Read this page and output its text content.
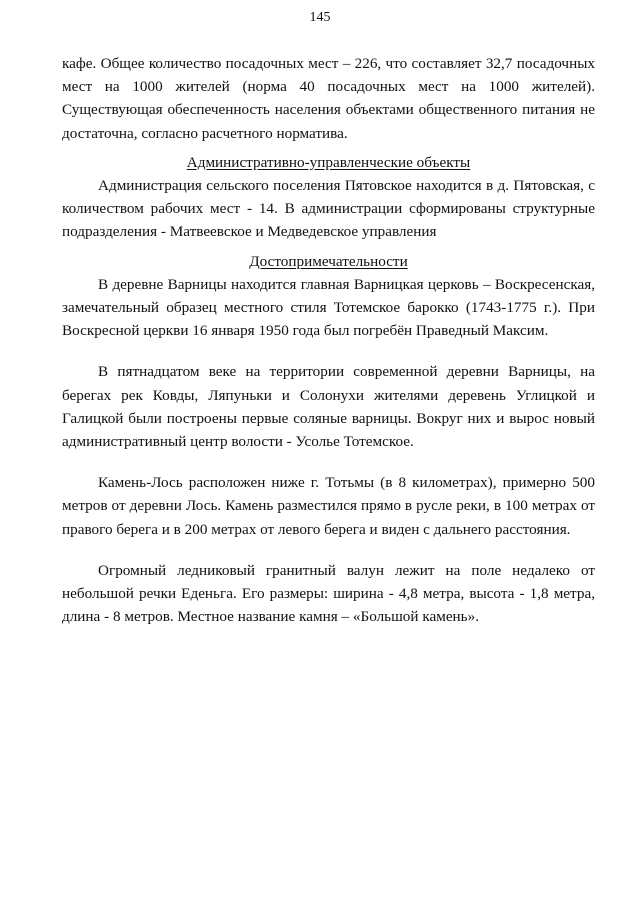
145

кафе. Общее количество посадочных мест – 226, что составляет 32,7 посадочных мест на 1000 жителей (норма 40 посадочных мест на 1000 жителей). Существующая обеспеченность населения объектами общественного питания не достаточна, согласно расчетного норматива.

Административно-управленческие объекты

Администрация сельского поселения Пятовское находится в д. Пятовская, с количеством рабочих мест - 14. В администрации сформированы структурные подразделения - Матвеевское и Медведевское управления

Достопримечательности

В деревне Варницы находится главная Варницкая церковь – Воскресенская, замечательный образец местного стиля Тотемское барокко (1743-1775 г.). При Воскресной церкви 16 января 1950 года был погребён Праведный Максим.

В пятнадцатом веке на территории современной деревни Варницы, на берегах рек Ковды, Ляпуньки и Солонухи жителями деревень Углицкой и Галицкой были построены первые соляные варницы. Вокруг них и вырос новый административный центр волости - Усолье Тотемское.

Камень-Лось расположен ниже г. Тотьмы (в 8 километрах), примерно 500 метров от деревни Лось. Камень разместился прямо в русле реки, в 100 метрах от правого берега и в 200 метрах от левого берега и виден с дальнего расстояния.

Огромный ледниковый гранитный валун лежит на поле недалеко от небольшой речки Еденьга. Его размеры: ширина - 4,8 метра, высота - 1,8 метра, длина - 8 метров. Местное название камня – «Большой камень».
